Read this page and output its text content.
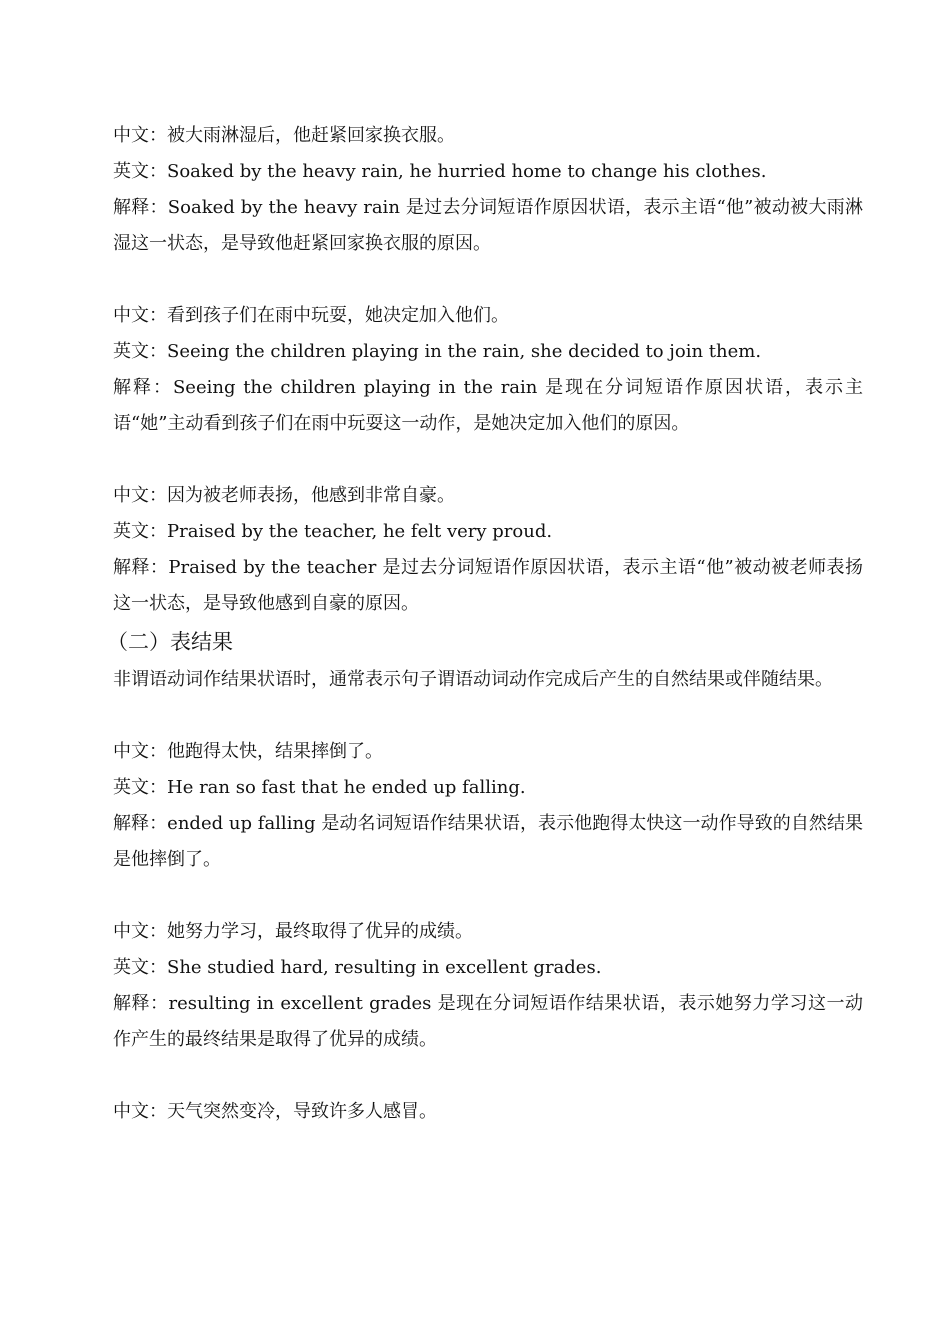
中文：被大雨淋湿后，他赶紧回家换衣服。

英文：Soaked by the heavy rain, he hurried home to change his clothes.

解释：Soaked by the heavy rain 是过去分词短语作原因状语，表示主语“他”被动被大雨淋湿这一状态，是导致他赶紧回家换衣服的原因。

中文：看到孩子们在雨中玩耍，她决定加入他们。

英文：Seeing the children playing in the rain, she decided to join them.

解释：Seeing the children playing in the rain 是现在分词短语作原因状语，表示主语“她”主动看到孩子们在雨中玩耍这一动作，是她决定加入他们的原因。

中文：因为被老师表扬，他感到非常自豪。

英文：Praised by the teacher, he felt very proud.

解释：Praised by the teacher 是过去分词短语作原因状语，表示主语“他”被动被老师表扬这一状态，是导致他感到自豪的原因。

（二）表结果

非谓语动词作结果状语时，通常表示句子谓语动词动作完成后产生的自然结果或伴随结果。

中文：他跑得太快，结果摔倒了。

英文：He ran so fast that he ended up falling.

解释：ended up falling 是动名词短语作结果状语，表示他跑得太快这一动作导致的自然结果是他摔倒了。

中文：她努力学习，最终取得了优异的成绩。

英文：She studied hard, resulting in excellent grades.

解释：resulting in excellent grades 是现在分词短语作结果状语，表示她努力学习这一动作产生的最终结果是取得了优异的成绩。

中文：天气突然变冷，导致许多人感冒。
